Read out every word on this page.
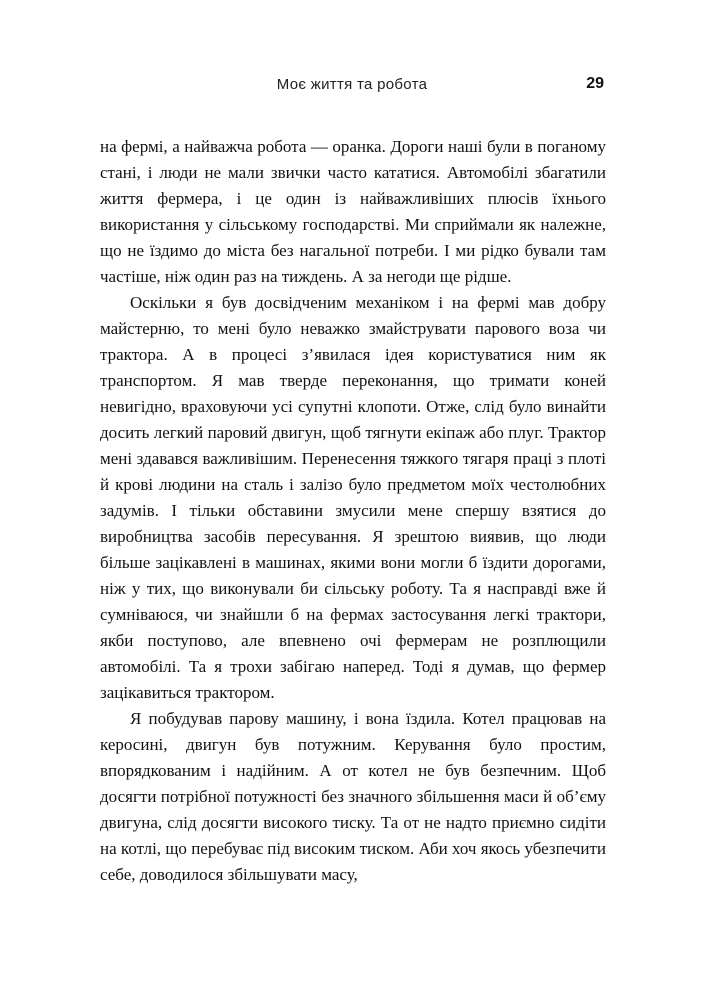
Моє життя та робота	29

на фермі, а найважча робота — оранка. Дороги наші були в поганому стані, і люди не мали звички часто кататися. Автомобілі збагатили життя фермера, і це один із найважливіших плюсів їхнього використання у сільському господарстві. Ми сприймали як належне, що не їздимо до міста без нагальної потреби. І ми рідко бували там частіше, ніж один раз на тиждень. А за негоди ще рідше.

Оскільки я був досвідченим механіком і на фермі мав добру майстерню, то мені було неважко змайструвати парового воза чи трактора. А в процесі з’явилася ідея користуватися ним як транспортом. Я мав тверде переконання, що тримати коней невигідно, враховуючи усі супутні клопоти. Отже, слід було винайти досить легкий паровий двигун, щоб тягнути екіпаж або плуг. Трактор мені здавався важливішим. Перенесення тяжкого тягаря праці з плоті й крові людини на сталь і залізо було предметом моїх честолюбних задумів. І тільки обставини змусили мене спершу взятися до виробництва засобів пересування. Я зрештою виявив, що люди більше зацікавлені в машинах, якими вони могли б їздити дорогами, ніж у тих, що виконували би сільську роботу. Та я насправді вже й сумніваюся, чи знайшли б на фермах застосування легкі трактори, якби поступово, але впевнено очі фермерам не розплющили автомобілі. Та я трохи забігаю наперед. Тоді я думав, що фермер зацікавиться трактором.

Я побудував парову машину, і вона їздила. Котел працював на керосині, двигун був потужним. Керування було простим, впорядкованим і надійним. А от котел не був безпечним. Щоб досягти потрібної потужності без значного збільшення маси й об’єму двигуна, слід досягти високого тиску. Та от не надто приємно сидіти на котлі, що перебуває під високим тиском. Аби хоч якось убезпечити себе, доводилося збільшувати масу,
